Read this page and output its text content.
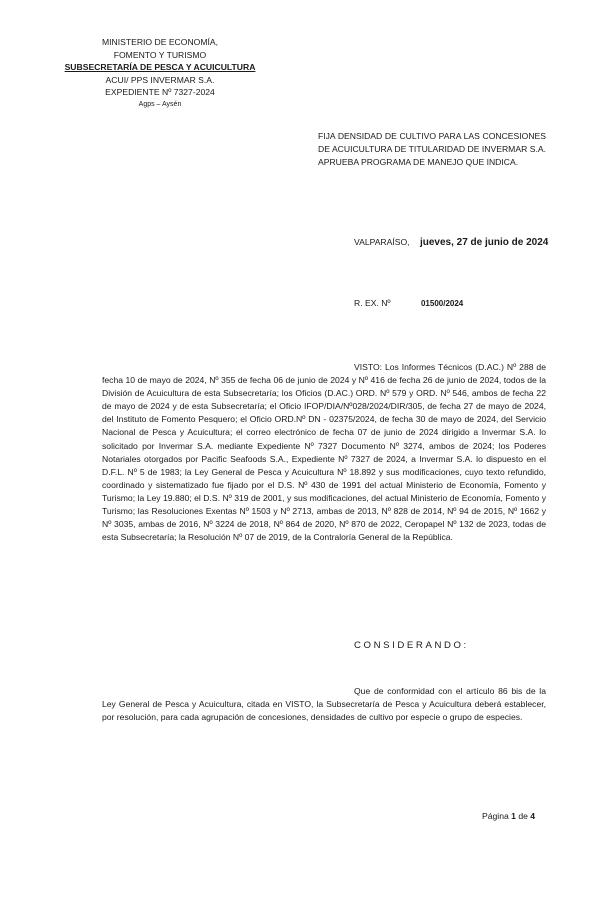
MINISTERIO DE ECONOMÍA,
FOMENTO Y TURISMO
SUBSECRETARÍA DE PESCA Y ACUICULTURA
ACUI/ PPS INVERMAR S.A.
EXPEDIENTE Nº 7327-2024
Agps – Aysén
FIJA DENSIDAD DE CULTIVO PARA LAS CONCESIONES DE ACUICULTURA DE TITULARIDAD DE INVERMAR S.A. APRUEBA PROGRAMA DE MANEJO QUE INDICA.
VALPARAÍSO, jueves, 27 de junio de 2024
R. EX. Nº	01500/2024
VISTO: Los Informes Técnicos (D.AC.) Nº 288 de fecha 10 de mayo de 2024, Nº 355 de fecha 06 de junio de 2024 y Nº 416 de fecha 26 de junio de 2024, todos de la División de Acuicultura de esta Subsecretaría; los Oficios (D.AC.) ORD. Nº 579 y ORD. Nº 546, ambos de fecha 22 de mayo de 2024 y de esta Subsecretaría; el Oficio IFOP/DIA/Nº028/2024/DIR/305, de fecha 27 de mayo de 2024, del Instituto de Fomento Pesquero; el Oficio ORD.Nº DN - 02375/2024, de fecha 30 de mayo de 2024, del Servicio Nacional de Pesca y Acuicultura; el correo electrónico de fecha 07 de junio de 2024 dirigido a Invermar S.A. lo solicitado por Invermar S.A. mediante Expediente Nº 7327 Documento Nº 3274, ambos de 2024; los Poderes Notariales otorgados por Pacific Seafoods S.A., Expediente Nº 7327 de 2024, a Invermar S.A. lo dispuesto en el D.F.L. Nº 5 de 1983; la Ley General de Pesca y Acuicultura Nº 18.892 y sus modificaciones, cuyo texto refundido, coordinado y sistematizado fue fijado por el D.S. Nº 430 de 1991 del actual Ministerio de Economía, Fomento y Turismo; la Ley 19.880; el D.S. Nº 319 de 2001, y sus modificaciones, del actual Ministerio de Economía, Fomento y Turismo; las Resoluciones Exentas Nº 1503 y Nº 2713, ambas de 2013, Nº 828 de 2014, Nº 94 de 2015, Nº 1662 y Nº 3035, ambas de 2016, Nº 3224 de 2018, Nº 864 de 2020, Nº 870 de 2022, Ceropapel Nº 132 de 2023, todas de esta Subsecretaría; la Resolución Nº 07 de 2019, de la Contraloría General de la República.
CONSIDERANDO:
Que de conformidad con el artículo 86 bis de la Ley General de Pesca y Acuicultura, citada en VISTO, la Subsecretaría de Pesca y Acuicultura deberá establecer, por resolución, para cada agrupación de concesiones, densidades de cultivo por especie o grupo de especies.
Página 1 de 4
